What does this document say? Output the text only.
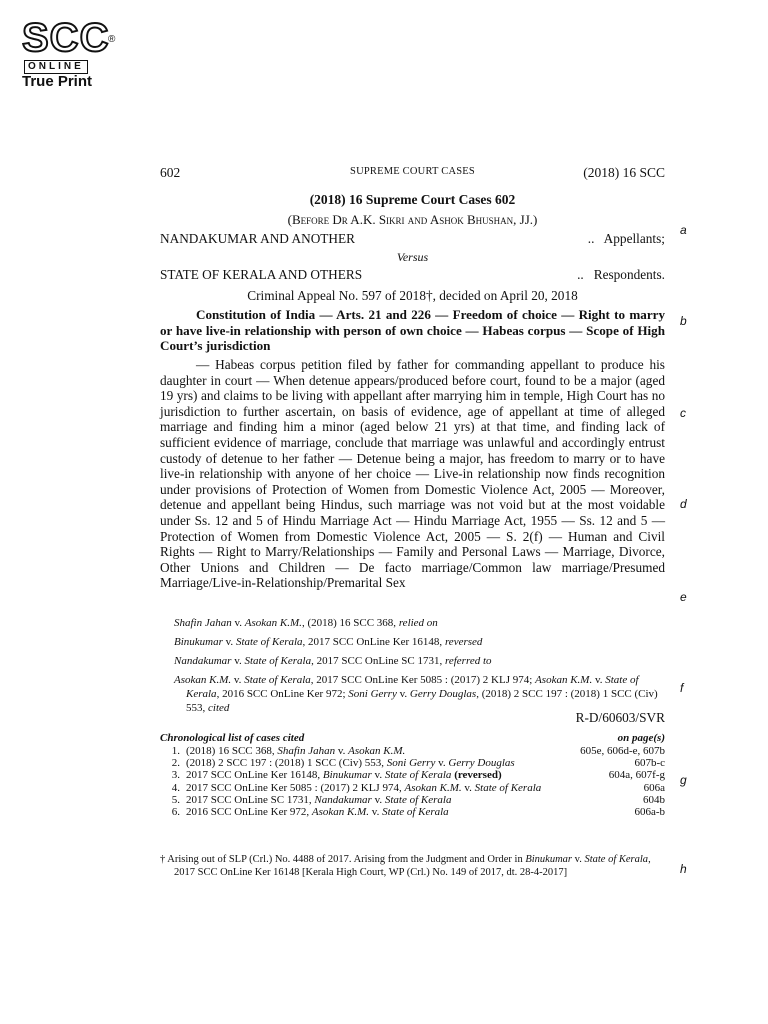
SCC
®
ONLINE
True Print
602	SUPREME COURT CASES	(2018) 16 SCC
(2018) 16 Supreme Court Cases 602
(Before Dr A.K. Sikri and Ashok Bhushan, JJ.)
NANDAKUMAR AND ANOTHER	..   Appellants;
Versus
STATE OF KERALA AND OTHERS	..   Respondents.
Criminal Appeal No. 597 of 2018†, decided on April 20, 2018
Constitution of India — Arts. 21 and 226 — Freedom of choice — Right to marry or have live-in relationship with person of own choice — Habeas corpus — Scope of High Court’s jurisdiction
— Habeas corpus petition filed by father for commanding appellant to produce his daughter in court — When detenue appears/produced before court, found to be a major (aged 19 yrs) and claims to be living with appellant after marrying him in temple, High Court has no jurisdiction to further ascertain, on basis of evidence, age of appellant at time of alleged marriage and finding him a minor (aged below 21 yrs) at that time, and finding lack of sufficient evidence of marriage, conclude that marriage was unlawful and accordingly entrust custody of detenue to her father — Detenue being a major, has freedom to marry or to have live-in relationship with anyone of her choice — Live-in relationship now finds recognition under provisions of Protection of Women from Domestic Violence Act, 2005 — Moreover, detenue and appellant being Hindus, such marriage was not void but at the most voidable under Ss. 12 and 5 of Hindu Marriage Act — Hindu Marriage Act, 1955 — Ss. 12 and 5 — Protection of Women from Domestic Violence Act, 2005 — S. 2(f) — Human and Civil Rights — Right to Marry/Relationships — Family and Personal Laws — Marriage, Divorce, Other Unions and Children — De facto marriage/Common law marriage/Presumed Marriage/Live-in-Relationship/Premarital Sex

Shafin Jahan v. Asokan K.M., (2018) 16 SCC 368, relied on

Binukumar v. State of Kerala, 2017 SCC OnLine Ker 16148, reversed

Nandakumar v. State of Kerala, 2017 SCC OnLine SC 1731, referred to

Asokan K.M. v. State of Kerala, 2017 SCC OnLine Ker 5085 : (2017) 2 KLJ 974; Asokan K.M. v. State of Kerala, 2016 SCC OnLine Ker 972; Soni Gerry v. Gerry Douglas, (2018) 2 SCC 197 : (2018) 1 SCC (Civ) 553, cited

R-D/60603/SVR
Chronological list of cases cited	on page(s)
1. (2018) 16 SCC 368, Shafin Jahan v. Asokan K.M.	605e, 606d-e, 607b
2. (2018) 2 SCC 197 : (2018) 1 SCC (Civ) 553, Soni Gerry v. Gerry Douglas	607b-c
3. 2017 SCC OnLine Ker 16148, Binukumar v. State of Kerala (reversed)	604a, 607f-g
4. 2017 SCC OnLine Ker 5085 : (2017) 2 KLJ 974, Asokan K.M. v. State of Kerala	606a
5. 2017 SCC OnLine SC 1731, Nandakumar v. State of Kerala	604b
6. 2016 SCC OnLine Ker 972, Asokan K.M. v. State of Kerala	606a-b

† Arising out of SLP (Crl.) No. 4488 of 2017. Arising from the Judgment and Order in Binukumar v. State of Kerala, 2017 SCC OnLine Ker 16148 [Kerala High Court, WP (Crl.) No. 149 of 2017, dt. 28-4-2017]

a
b
c
d
e
f
g
h
